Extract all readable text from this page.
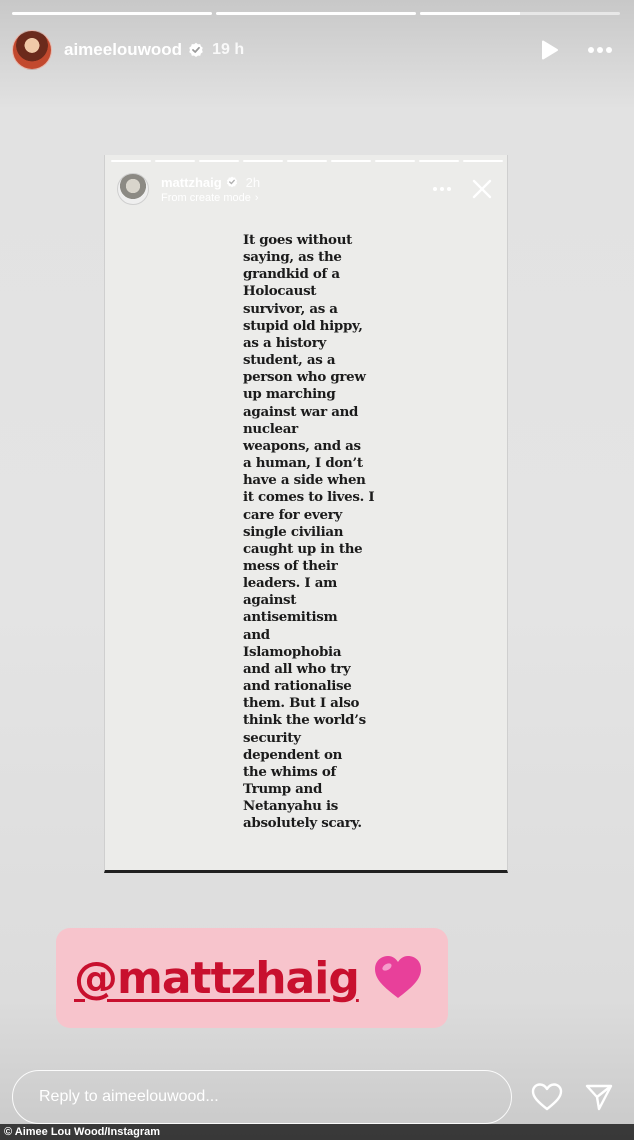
aimeelouwood 19 h
mattzhaig 2h
From create mode ›
It goes without
saying, as the
grandkid of a
Holocaust
survivor, as a
stupid old hippy,
as a history
student, as a
person who grew
up marching
against war and
nuclear
weapons, and as
a human, I don’t
have a side when
it comes to lives. I
care for every
single civilian
caught up in the
mess of their
leaders. I am
against
antisemitism
and
Islamophobia
and all who try
and rationalise
them. But I also
think the world’s
security
dependent on
the whims of
Trump and
Netanyahu is
absolutely scary.
@mattzhaig
Reply to aimeelouwood...
© Aimee Lou Wood/Instagram
